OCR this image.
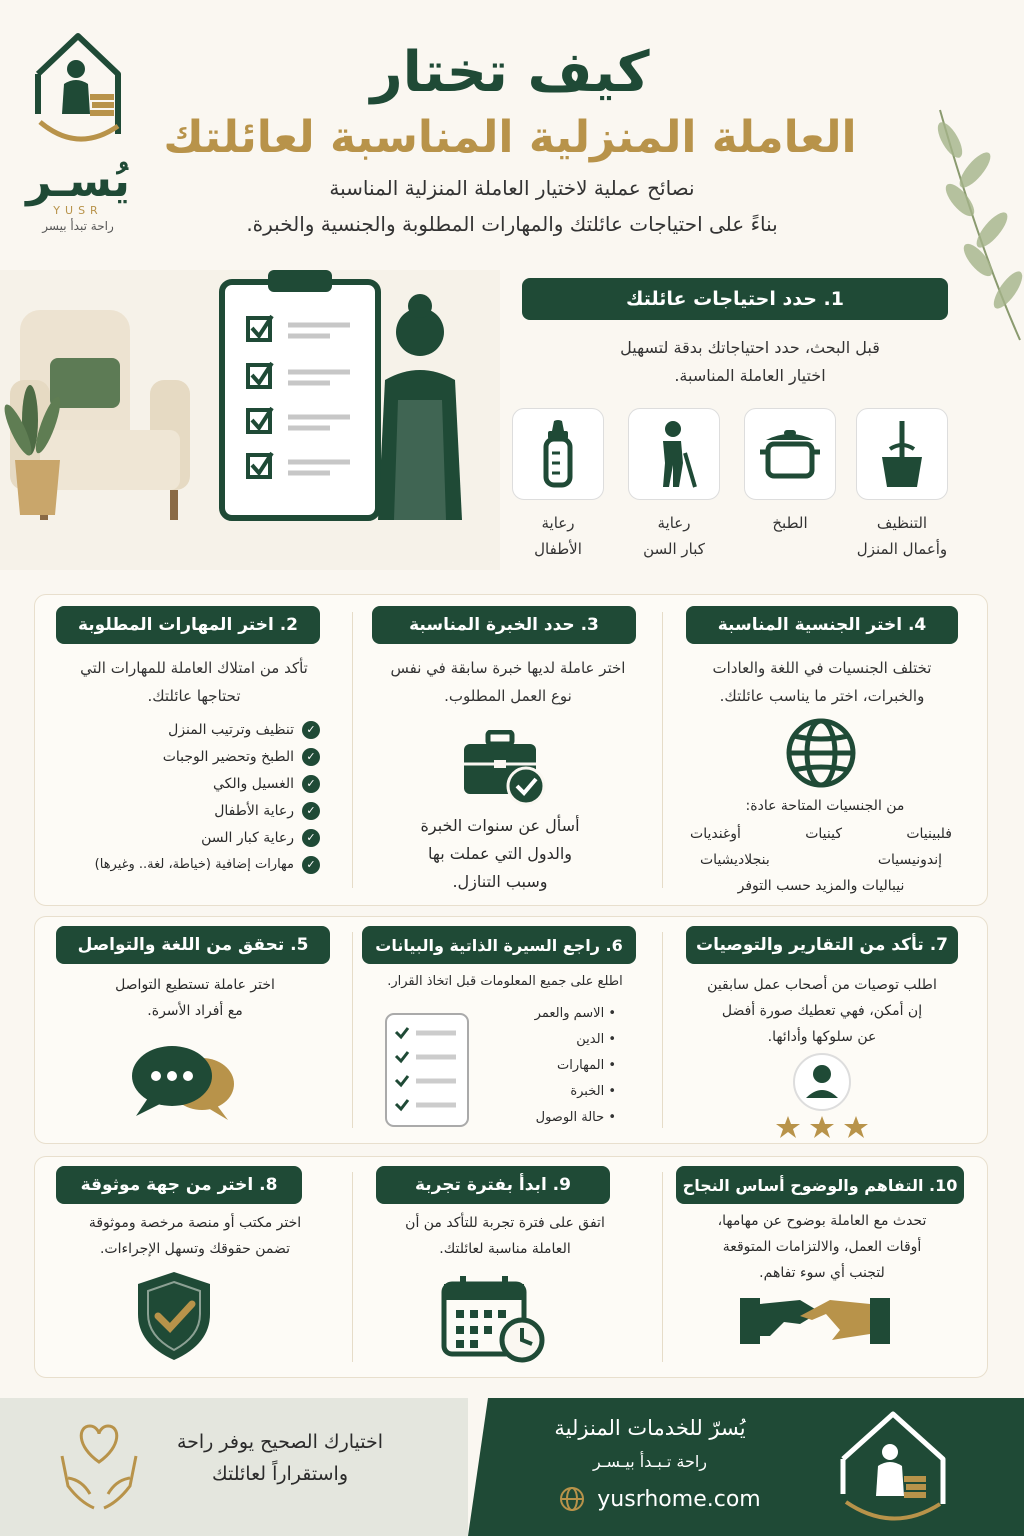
يُسـر
YUSR
راحة تبدأ بيسر
كيف تختار
العاملة المنزلية المناسبة لعائلتك
نصائح عملية لاختيار العاملة المنزلية المناسبة
بناءً على احتياجات عائلتك والمهارات المطلوبة والجنسية والخبرة.
1. حدد احتياجات عائلتك
قبل البحث، حدد احتياجاتك بدقة لتسهيل
اختيار العاملة المناسبة.
التنظيف
وأعمال المنزل
الطبخ
رعاية
كبار السن
رعاية
الأطفال
4. اختر الجنسية المناسبة
تختلف الجنسيات في اللغة والعادات
والخبرات، اختر ما يناسب عائلتك.
من الجنسيات المتاحة عادة:
فلبينيات
كينيات
أوغنديات
إندونيسيات
بنجلاديشيات
نيباليات والمزيد حسب التوفر
3. حدد الخبرة المناسبة
اختر عاملة لديها خبرة سابقة في نفس
نوع العمل المطلوب.
أسأل عن سنوات الخبرة
والدول التي عملت بها
وسبب التنازل.
2. اختر المهارات المطلوبة
تأكد من امتلاك العاملة للمهارات التي
تحتاجها عائلتك.
✓
تنظيف وترتيب المنزل
✓
الطبخ وتحضير الوجبات
✓
الغسيل والكي
✓
رعاية الأطفال
✓
رعاية كبار السن
✓
مهارات إضافية (خياطة، لغة.. وغيرها)
7. تأكد من التقارير والتوصيات
اطلب توصيات من أصحاب عمل سابقين
إن أمكن، فهي تعطيك صورة أفضل
عن سلوكها وأدائها.
6. راجع السيرة الذاتية والبيانات
اطلع على جميع المعلومات قبل اتخاذ القرار.
• الاسم والعمر
• الدين
• المهارات
• الخبرة
• حالة الوصول
5. تحقق من اللغة والتواصل
اختر عاملة تستطيع التواصل
مع أفراد الأسرة.
10. التفاهم والوضوح أساس النجاح
تحدث مع العاملة بوضوح عن مهامها،
أوقات العمل، والالتزامات المتوقعة
لتجنب أي سوء تفاهم.
9. ابدأ بفترة تجربة
اتفق على فترة تجربة للتأكد من أن
العاملة مناسبة لعائلتك.
8. اختر من جهة موثوقة
اختر مكتب أو منصة مرخصة وموثوقة
تضمن حقوقك وتسهل الإجراءات.
اختيارك الصحيح يوفر راحة
واستقراراً لعائلتك
يُسرّ للخدمات المنزلية
راحة تـبـدأ بيـسـر
yusrhome.com
